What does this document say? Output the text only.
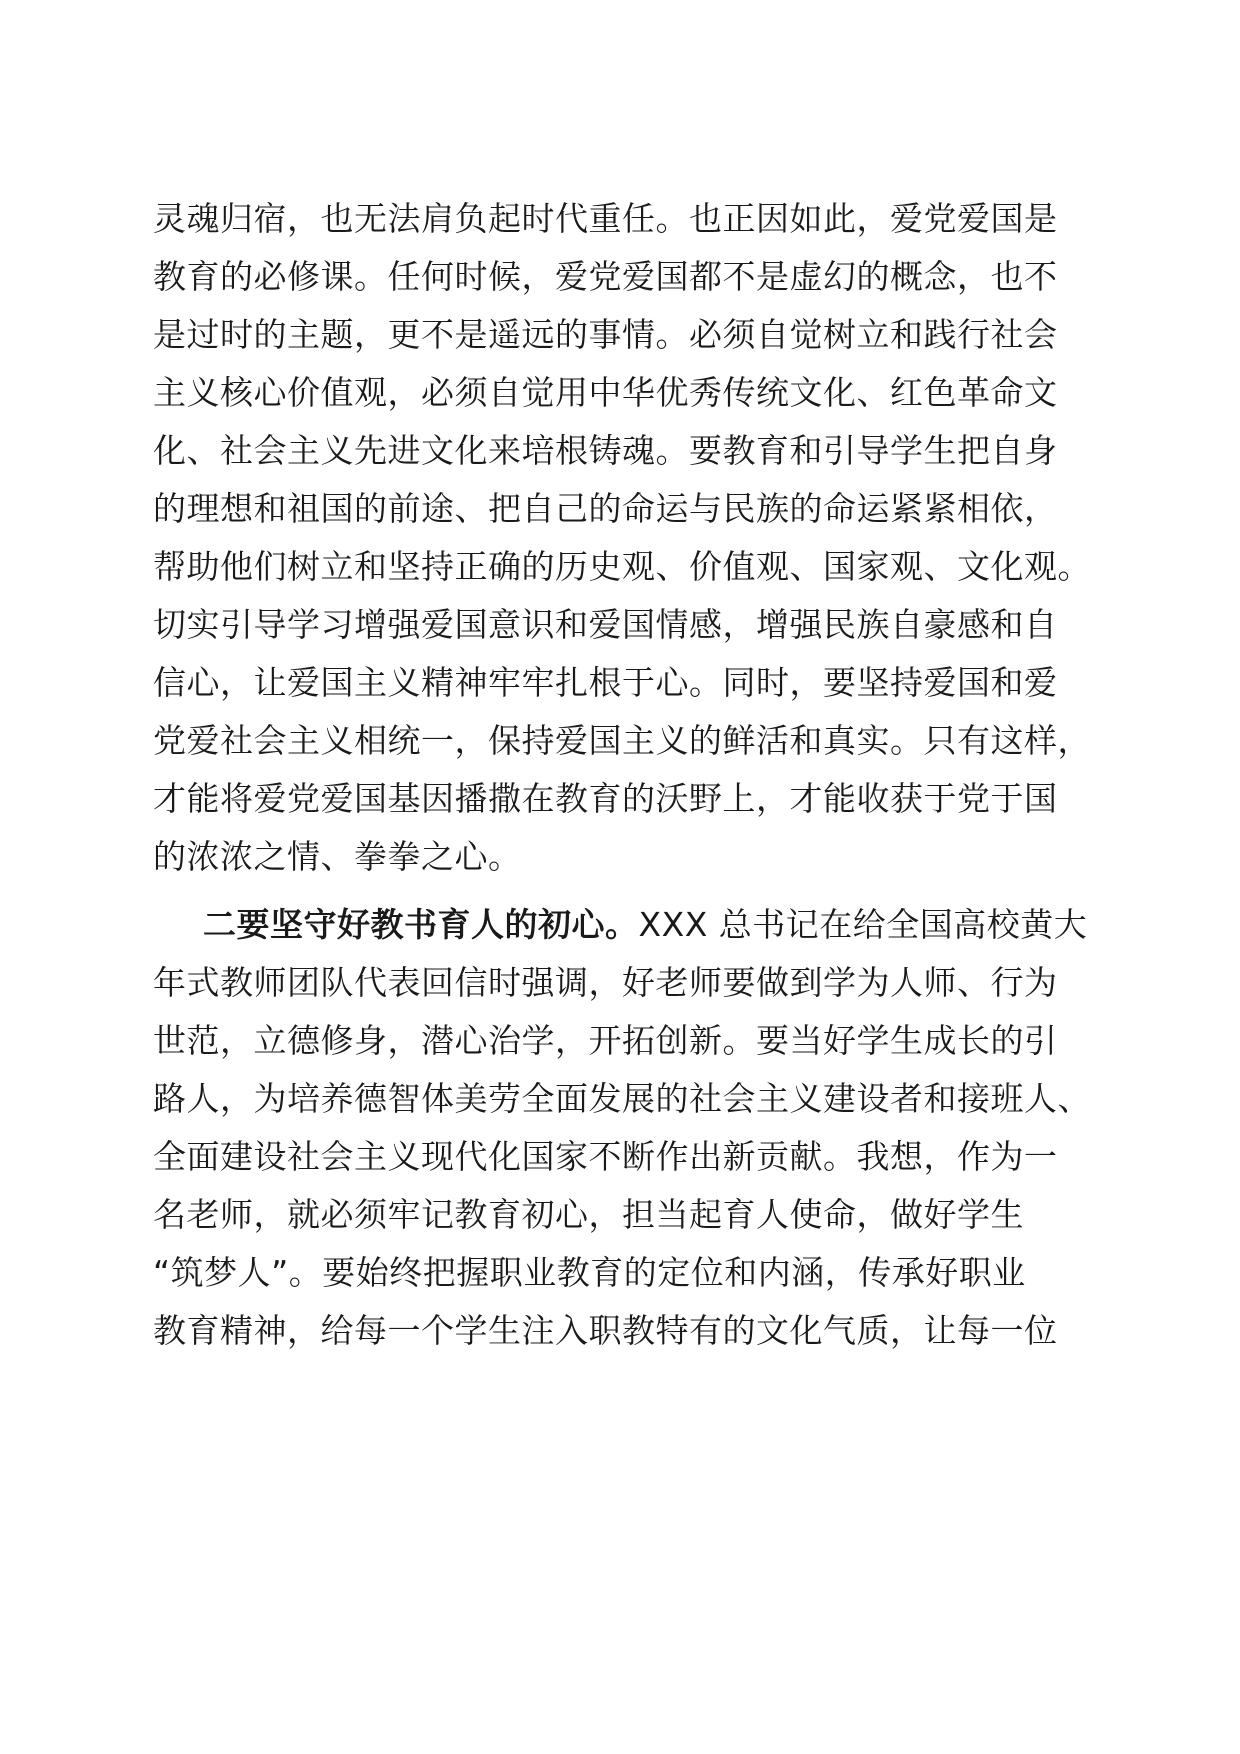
灵魂归宿，也无法肩负起时代重任。也正因如此，爱党爱国是
教育的必修课。任何时候，爱党爱国都不是虚幻的概念，也不
是过时的主题，更不是遥远的事情。必须自觉树立和践行社会
主义核心价值观，必须自觉用中华优秀传统文化、红色革命文
化、社会主义先进文化来培根铸魂。要教育和引导学生把自身
的理想和祖国的前途、把自己的命运与民族的命运紧紧相依，
帮助他们树立和坚持正确的历史观、价值观、国家观、文化观。
切实引导学习增强爱国意识和爱国情感，增强民族自豪感和自
信心，让爱国主义精神牢牢扎根于心。同时，要坚持爱国和爱
党爱社会主义相统一，保持爱国主义的鲜活和真实。只有这样，
才能将爱党爱国基因播撒在教育的沃野上，才能收获于党于国
的浓浓之情、拳拳之心。
二要坚守好教书育人的初心。XXX 总书记在给全国高校黄大
年式教师团队代表回信时强调，好老师要做到学为人师、行为
世范，立德修身，潜心治学，开拓创新。要当好学生成长的引
路人，为培养德智体美劳全面发展的社会主义建设者和接班人、
全面建设社会主义现代化国家不断作出新贡献。我想，作为一
名老师，就必须牢记教育初心，担当起育人使命，做好学生
“筑梦人”。要始终把握职业教育的定位和内涵，传承好职业
教育精神，给每一个学生注入职教特有的文化气质，让每一位
